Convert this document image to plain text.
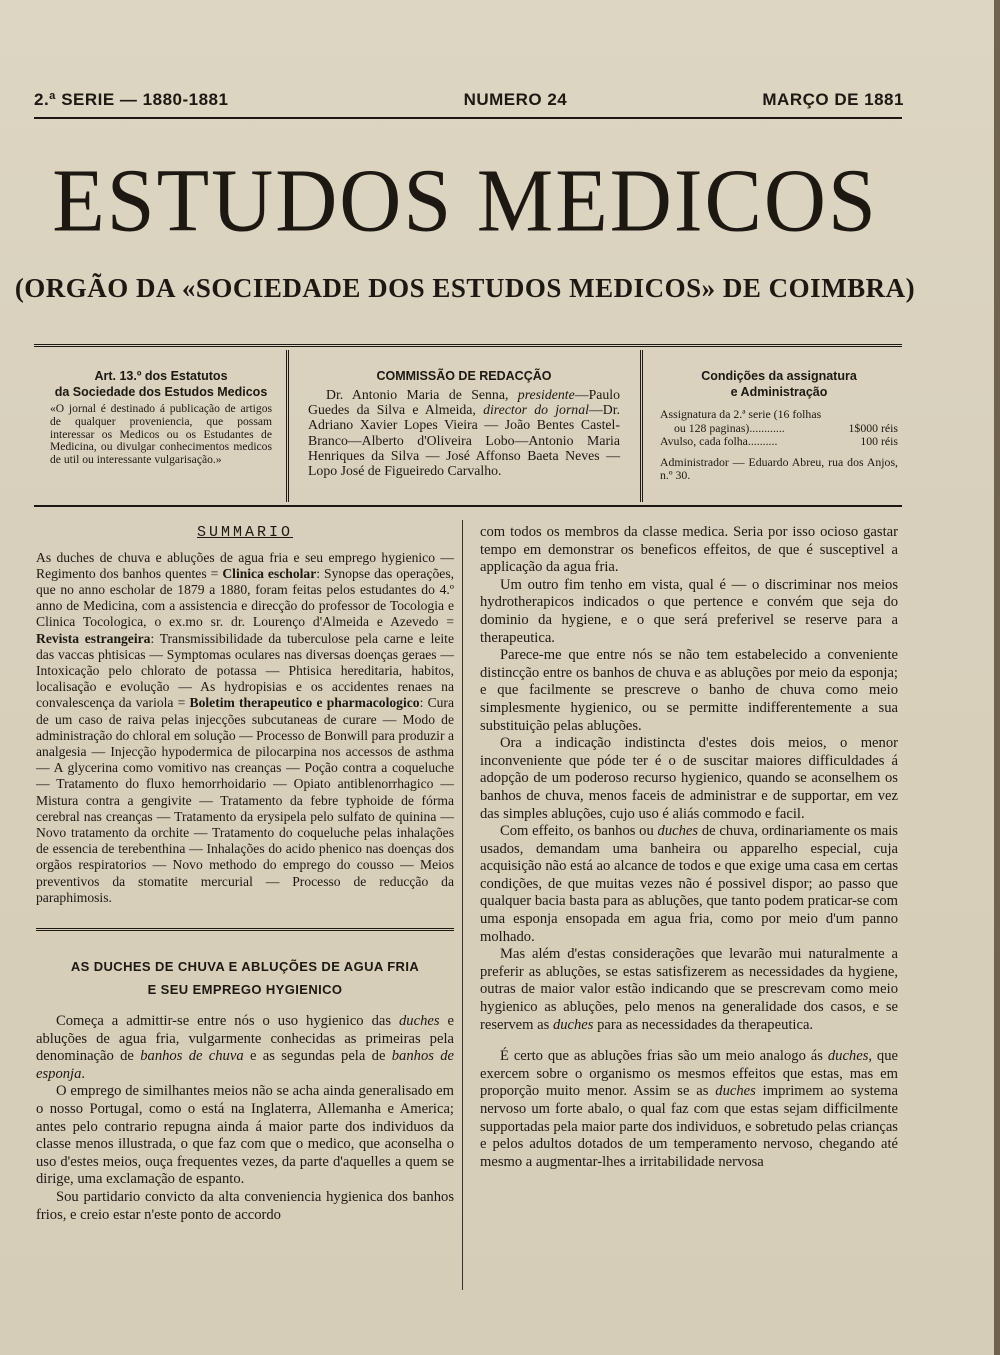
2.ª SERIE — 1880-1881	NUMERO 24	MARÇO DE 1881
ESTUDOS MEDICOS
(ORGÃO DA «SOCIEDADE DOS ESTUDOS MEDICOS» DE COIMBRA)
Art. 13.º dos Estatutos
da Sociedade dos Estudos Medicos

«O jornal é destinado á publicação de artigos de qualquer proveniencia, que possam interessar os Medicos ou os Estudantes de Medicina, ou divulgar conhecimentos medicos de util ou interessante vulgarisação.»

COMMISSÃO DE REDACÇÃO

Dr. Antonio Maria de Senna, presidente—Paulo Guedes da Silva e Almeida, director do jornal—Dr. Adriano Xavier Lopes Vieira — João Bentes Castel-Branco—Alberto d'Oliveira Lobo—Antonio Maria Henriques da Silva — José Affonso Baeta Neves — Lopo José de Figueiredo Carvalho.

Condições da assignatura
e Administração
Assignatura da 2.ª serie (16 folhas
ou 128 paginas)............	1$000 réis
Avulso, cada folha..........	100 réis
Administrador — Eduardo Abreu, rua dos Anjos, n.º 30.
SUMMARIO
As duches de chuva e abluções de agua fria e seu emprego hygienico — Regimento dos banhos quentes = Clinica escholar: Synopse das operações, que no anno escholar de 1879 a 1880, foram feitas pelos estudantes do 4.º anno de Medicina, com a assistencia e direcção do professor de Tocologia e Clinica Tocologica, o ex.mo sr. dr. Lourenço d'Almeida e Azevedo = Revista estrangeira: Transmissibilidade da tuberculose pela carne e leite das vaccas phtisicas — Symptomas oculares nas diversas doenças geraes — Intoxicação pelo chlorato de potassa — Phtisica hereditaria, habitos, localisação e evolução — As hydropisias e os accidentes renaes na convalescença da variola = Boletim therapeutico e pharmacologico: Cura de um caso de raiva pelas injecções subcutaneas de curare — Modo de administração do chloral em solução — Processo de Bonwill para produzir a analgesia — Injecção hypodermica de pilocarpina nos accessos de asthma — A glycerina como vomitivo nas creanças — Poção contra a coqueluche — Tratamento do fluxo hemorrhoidario — Opiato antiblenorrhagico — Mistura contra a gengivite — Tratamento da febre typhoide de fórma cerebral nas creanças — Tratamento da erysipela pelo sulfato de quinina — Novo tratamento da orchite — Tratamento do coqueluche pelas inhalações de essencia de terebenthina — Inhalações do acido phenico nas doenças dos orgãos respiratorios — Novo methodo do emprego do cousso — Meios preventivos da stomatite mercurial — Processo de reducção da paraphimosis.
AS DUCHES DE CHUVA E ABLUÇÕES DE AGUA FRIA
E SEU EMPREGO HYGIENICO

Começa a admittir-se entre nós o uso hygienico das duches e abluções de agua fria, vulgarmente conhecidas as primeiras pela denominação de banhos de chuva e as segundas pela de banhos de esponja.

O emprego de similhantes meios não se acha ainda generalisado em o nosso Portugal, como o está na Inglaterra, Allemanha e America; antes pelo contrario repugna ainda á maior parte dos individuos da classe menos illustrada, o que faz com que o medico, que aconselha o uso d'estes meios, ouça frequentes vezes, da parte d'aquelles a quem se dirige, uma exclamação de espanto.

Sou partidario convicto da alta conveniencia hygienica dos banhos frios, e creio estar n'este ponto de accordo

com todos os membros da classe medica. Seria por isso ocioso gastar tempo em demonstrar os beneficos effeitos, de que é susceptivel a applicação da agua fria.

Um outro fim tenho em vista, qual é — o discriminar nos meios hydrotherapicos indicados o que pertence e convém que seja do dominio da hygiene, e o que será preferivel se reserve para a therapeutica.

Parece-me que entre nós se não tem estabelecido a conveniente distincção entre os banhos de chuva e as abluções por meio da esponja; e que facilmente se prescreve o banho de chuva como meio simplesmente hygienico, ou se permitte indifferentemente a sua substituição pelas abluções.

Ora a indicação indistincta d'estes dois meios, o menor inconveniente que póde ter é o de suscitar maiores difficuldades á adopção de um poderoso recurso hygienico, quando se aconselhem os banhos de chuva, menos faceis de administrar e de supportar, em vez das simples abluções, cujo uso é aliás commodo e facil.

Com effeito, os banhos ou duches de chuva, ordinariamente os mais usados, demandam uma banheira ou apparelho especial, cuja acquisição não está ao alcance de todos e que exige uma casa em certas condições, de que muitas vezes não é possivel dispor; ao passo que qualquer bacia basta para as abluções, que tanto podem praticar-se com uma esponja ensopada em agua fria, como por meio d'um panno molhado.

Mas além d'estas considerações que levarão mui naturalmente a preferir as abluções, se estas satisfizerem as necessidades da hygiene, outras de maior valor estão indicando que se prescrevam como meio hygienico as abluções, pelo menos na generalidade dos casos, e se reservem as duches para as necessidades da therapeutica.

É certo que as abluções frias são um meio analogo ás duches, que exercem sobre o organismo os mesmos effeitos que estas, mas em proporção muito menor. Assim se as duches imprimem ao systema nervoso um forte abalo, o qual faz com que estas sejam difficilmente supportadas pela maior parte dos individuos, e sobretudo pelas crianças e pelos adultos dotados de um temperamento nervoso, chegando até mesmo a augmentar-lhes a irritabilidade nervosa
